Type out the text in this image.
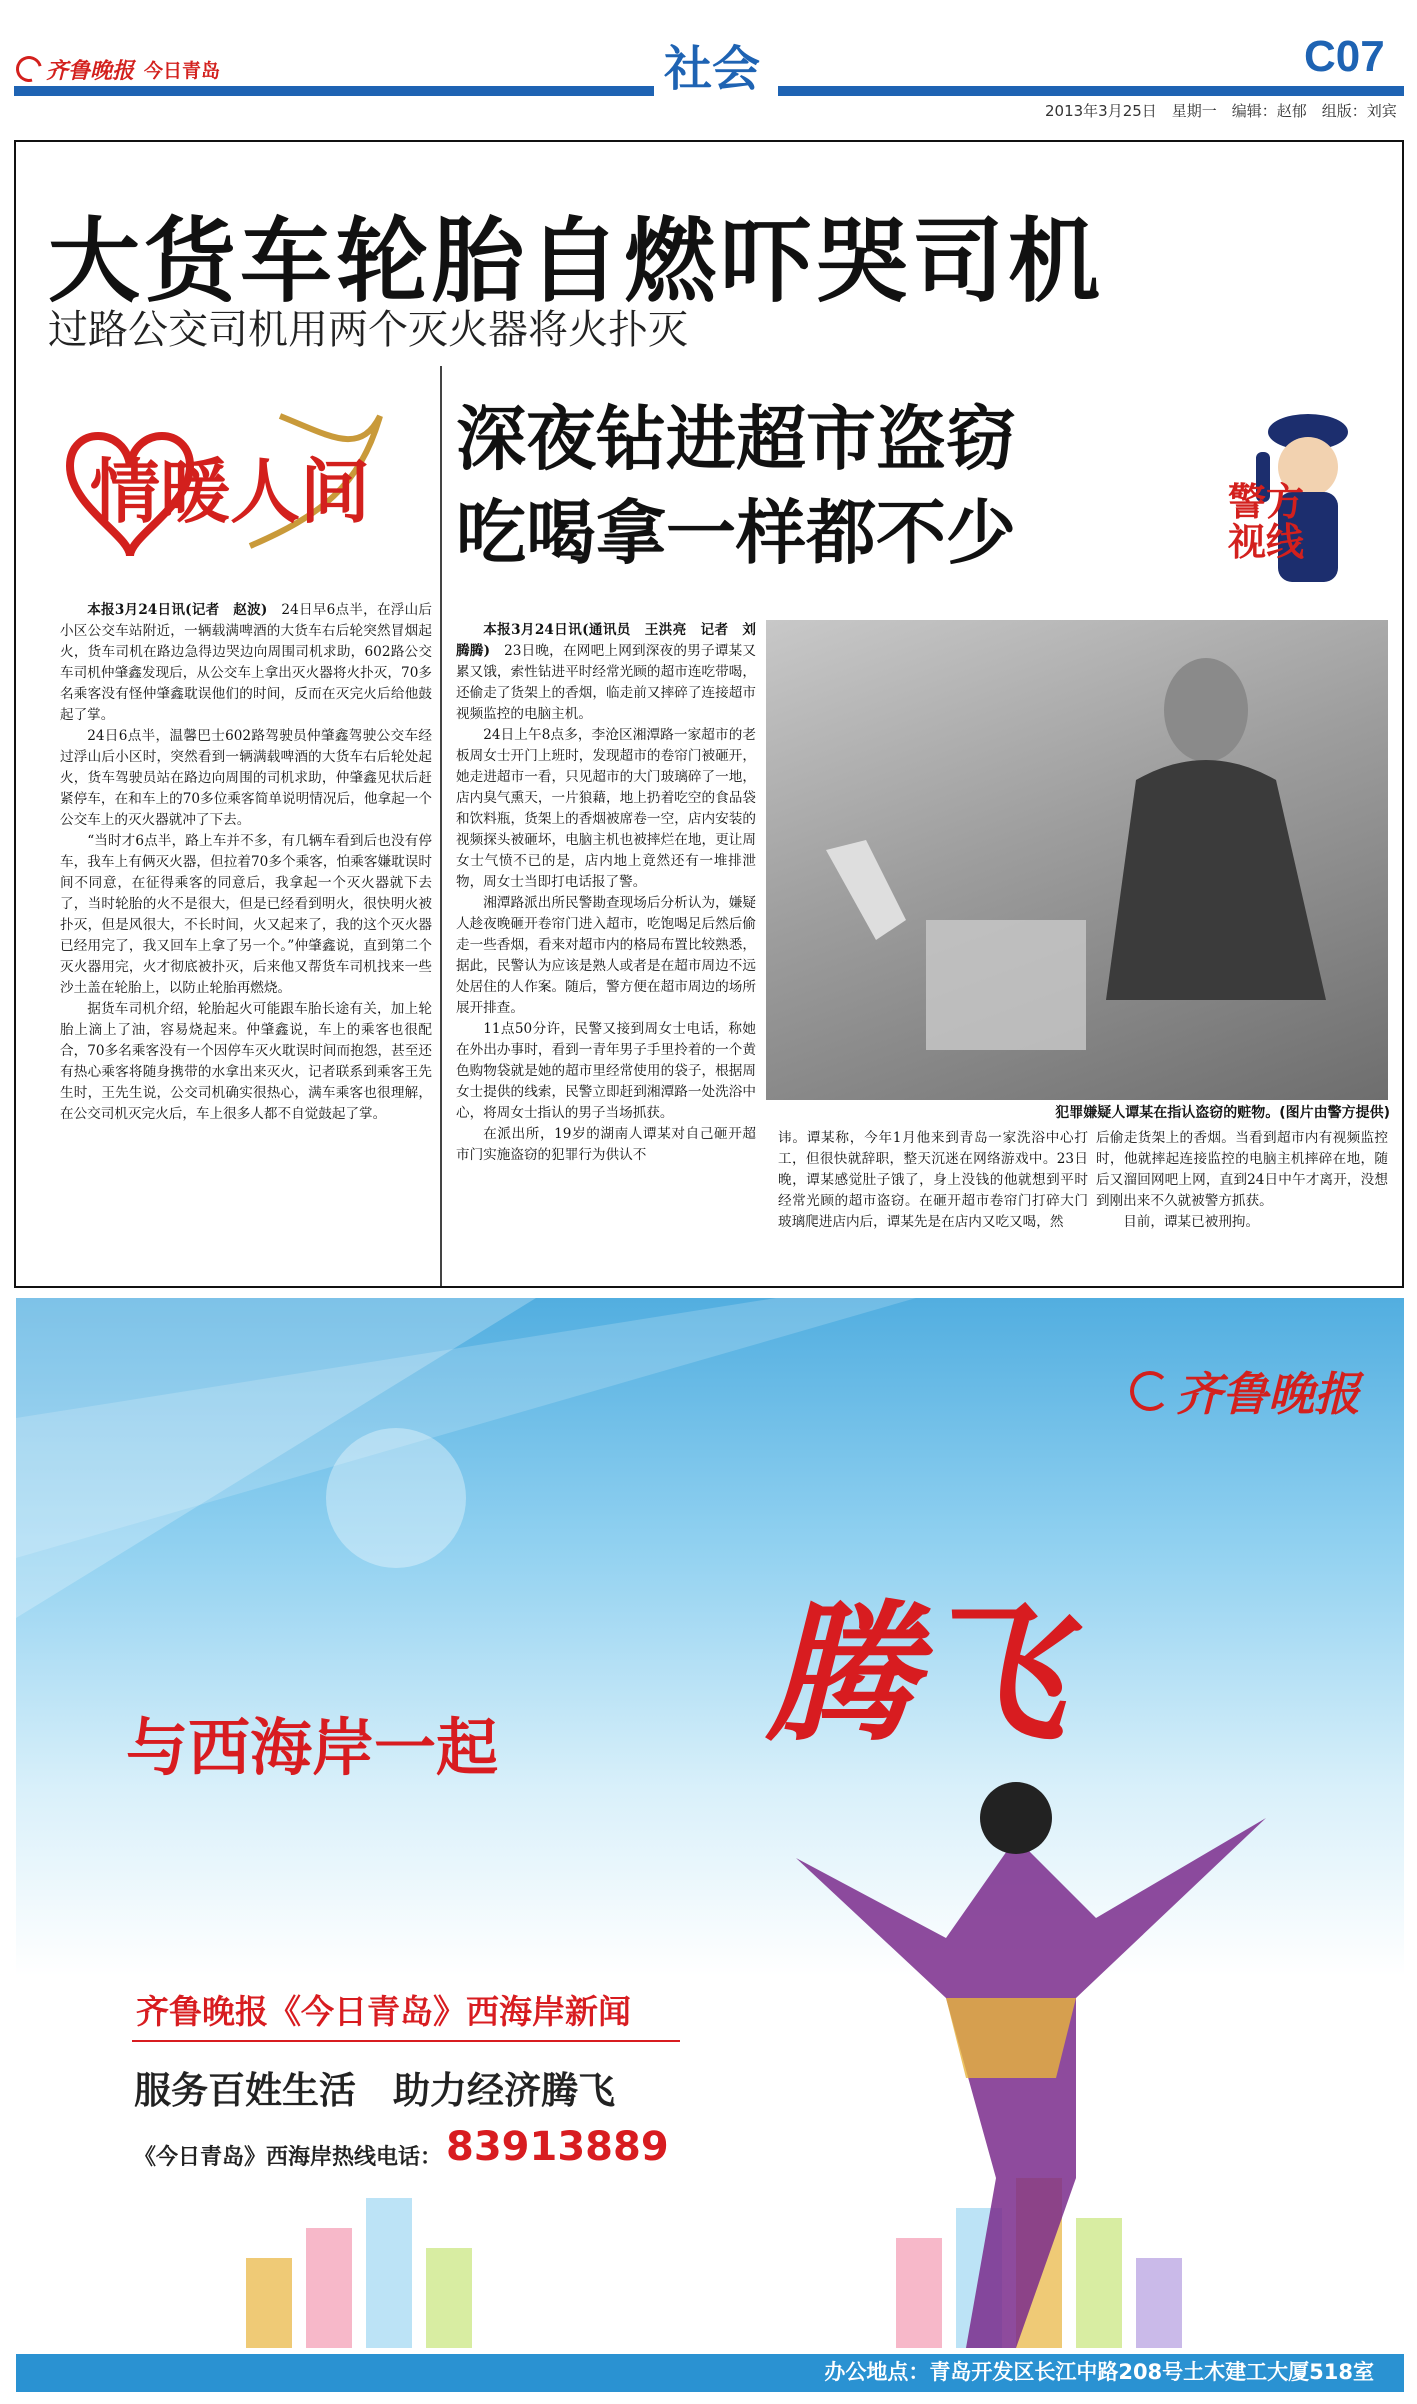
齐鲁晚报 今日青岛	社会	C07
2013年3月25日　星期一　编辑：赵郁　组版：刘宾
大货车轮胎自燃吓哭司机
过路公交司机用两个灭火器将火扑灭
情暖人间

本报3月24日讯(记者　赵波)　 24日早6点半，在浮山后小区公交车站附近，一辆载满啤酒的大货车右后轮突然冒烟起火，货车司机在路边急得边哭边向周围司机求助，602路公交车司机仲肇鑫发现后，从公交车上拿出灭火器将火扑灭，70多名乘客没有怪仲肇鑫耽误他们的时间，反而在灭完火后给他鼓起了掌。

24日6点半，温馨巴士602路驾驶员仲肇鑫驾驶公交车经过浮山后小区时，突然看到一辆满载啤酒的大货车右后轮处起火，货车驾驶员站在路边向周围的司机求助，仲肇鑫见状后赶紧停车，在和车上的70多位乘客简单说明情况后，他拿起一个公交车上的灭火器就冲了下去。

“当时才6点半，路上车并不多，有几辆车看到后也没有停车，我车上有俩灭火器，但拉着70多个乘客，怕乘客嫌耽误时间不同意，在征得乘客的同意后，我拿起一个灭火器就下去了，当时轮胎的火不是很大，但是已经看到明火，很快明火被扑灭，但是风很大，不长时间，火又起来了，我的这个灭火器已经用完了，我又回车上拿了另一个。”仲肇鑫说，直到第二个灭火器用完，火才彻底被扑灭，后来他又帮货车司机找来一些沙土盖在轮胎上，以防止轮胎再燃烧。

据货车司机介绍，轮胎起火可能跟车胎长途有关，加上轮胎上滴上了油，容易烧起来。仲肇鑫说，车上的乘客也很配合，70多名乘客没有一个因停车灭火耽误时间而抱怨，甚至还有热心乘客将随身携带的水拿出来灭火，记者联系到乘客王先生时，王先生说，公交司机确实很热心，满车乘客也很理解，在公交司机灭完火后，车上很多人都不自觉鼓起了掌。

深夜钻进超市盗窃
吃喝拿一样都不少	警方视线

本报3月24日讯(通讯员　王洪亮　记者　刘腾腾)　 23日晚，在网吧上网到深夜的男子谭某又累又饿，索性钻进平时经常光顾的超市连吃带喝，还偷走了货架上的香烟，临走前又摔碎了连接超市视频监控的电脑主机。

24日上午8点多，李沧区湘潭路一家超市的老板周女士开门上班时，发现超市的卷帘门被砸开，她走进超市一看，只见超市的大门玻璃碎了一地，店内臭气熏天，一片狼藉，地上扔着吃空的食品袋和饮料瓶，货架上的香烟被席卷一空，店内安装的视频探头被砸坏，电脑主机也被摔烂在地，更让周女士气愤不已的是，店内地上竟然还有一堆排泄物，周女士当即打电话报了警。

湘潭路派出所民警勘查现场后分析认为，嫌疑人趁夜晚砸开卷帘门进入超市，吃饱喝足后然后偷走一些香烟，看来对超市内的格局布置比较熟悉，据此，民警认为应该是熟人或者是在超市周边不远处居住的人作案。随后，警方便在超市周边的场所展开排查。

11点50分许，民警又接到周女士电话，称她在外出办事时，看到一青年男子手里拎着的一个黄色购物袋就是她的超市里经常使用的袋子，根据周女士提供的线索，民警立即赶到湘潭路一处洗浴中心，将周女士指认的男子当场抓获。

在派出所，19岁的湖南人谭某对自己砸开超市门实施盗窃的犯罪行为供认不

犯罪嫌疑人谭某在指认盗窃的赃物。(图片由警方提供)

讳。谭某称，今年1月他来到青岛一家洗浴中心打工，但很快就辞职，整天沉迷在网络游戏中。23日晚，谭某感觉肚子饿了，身上没钱的他就想到平时经常光顾的超市盗窃。在砸开超市卷帘门打碎大门玻璃爬进店内后，谭某先是在店内又吃又喝，然

后偷走货架上的香烟。当看到超市内有视频监控时，他就摔起连接监控的电脑主机摔碎在地，随后又溜回网吧上网，直到24日中午才离开，没想到刚出来不久就被警方抓获。

目前，谭某已被刑拘。

齐鲁晚报
与西海岸一起 腾飞
齐鲁晚报《今日青岛》西海岸新闻
服务百姓生活　助力经济腾飞
《今日青岛》西海岸热线电话： 83913889
办公地点：青岛开发区长江中路208号土木建工大厦518室
